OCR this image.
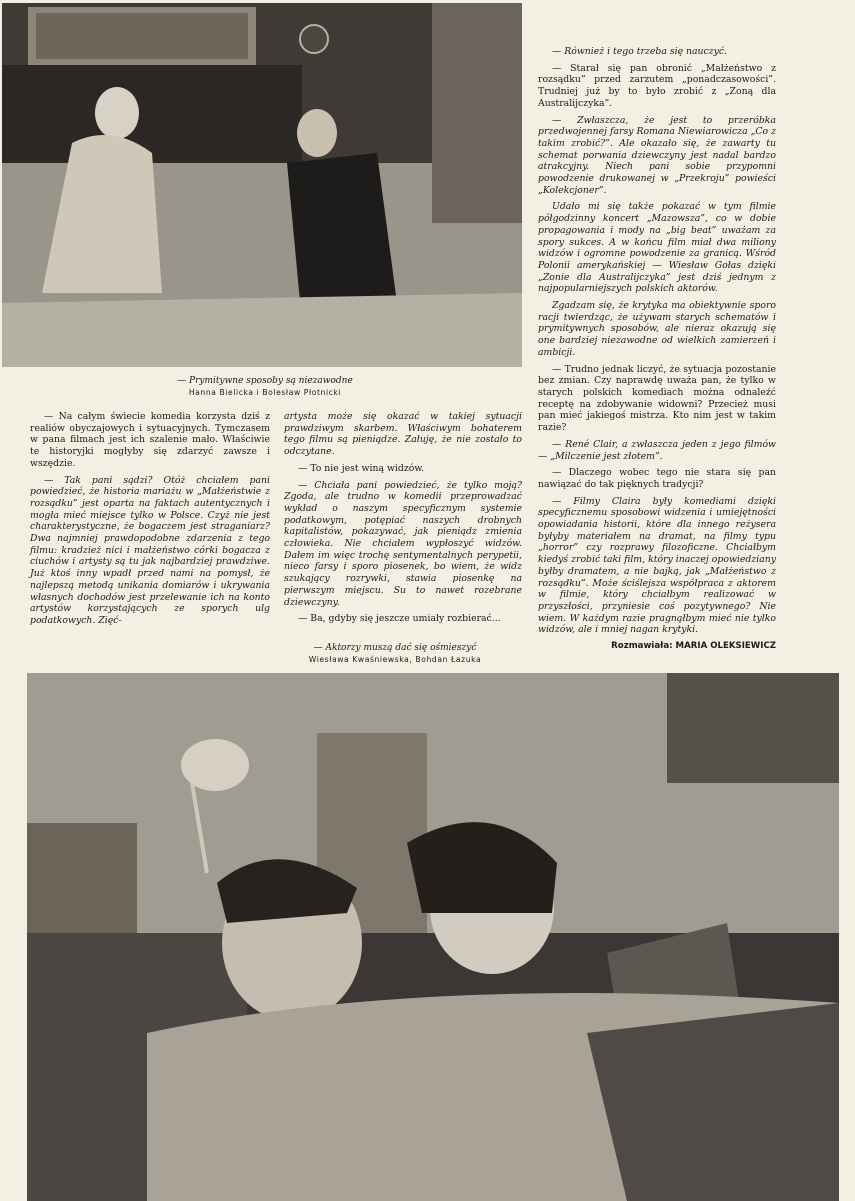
— Prymitywne sposoby są niezawodne
Hanna Bielicka i Bolesław Płotnicki

— Również i tego trzeba się nauczyć.

— Starał się pan obronić „Małżeństwo z rozsądku” przed zarzutem „ponadczasowości”. Trudniej już by to było zrobić z „Zoną dla Australijczyka”.

— Zwłaszcza, że jest to przeróbka przedwojennej farsy Romana Niewiarowicza „Co z takim zrobić?”. Ale okazało się, że zawarty tu schemat porwania dziewczyny jest nadal bardzo atrakcyjny. Niech pani sobie przypomni powodzenie drukowanej w „Przekroju” powieści „Kolekcjoner”.

Udało mi się także pokazać w tym filmie półgodzinny koncert „Mazowsza”, co w dobie propagowania i mody na „big beat” uważam za spory sukces. A w końcu film miał dwa miliony widzów i ogromne powodzenie za granicą. Wśród Polonii amerykańskiej — Wiesław Gołas dzięki „Zonie dla Australijczyka” jest dziś jednym z najpopularniejszych polskich aktorów.

Zgadzam się, że krytyka ma obiektywnie sporo racji twierdząc, że używam starych schematów i prymitywnych sposobów, ale nieraz okazują się one bardziej niezawodne od wielkich zamierzeń i ambicji.

— Trudno jednak liczyć, że sytuacja pozostanie bez zmian. Czy naprawdę uważa pan, że tylko w starych polskich komediach można odnaleźć receptę na zdobywanie widowni? Przecież musi pan mieć jakiegoś mistrza. Kto nim jest w takim razie?

— René Clair, a zwłaszcza jeden z jego filmów — „Milczenie jest złotem”.

— Dlaczego wobec tego nie stara się pan nawiązać do tak pięknych tradycji?

— Filmy Claira były komediami dzięki specyficznemu sposobowi widzenia i umiejętności opowiadania historii, które dla innego reżysera byłyby materiałem na dramat, na filmy typu „horror” czy rozprawy filozoficzne. Chciałbym kiedyś zrobić taki film, który inaczej opowiedziany byłby dramatem, a nie bajką, jak „Małżeństwo z rozsądku”. Może ściślejsza współpraca z aktorem w filmie, który chciałbym realizować w przyszłości, przyniesie coś pozytywnego? Nie wiem. W każdym razie pragnąłbym mieć nie tylko widzów, ale i mniej nagan krytyki.

Rozmawiała: MARIA OLEKSIEWICZ

— Na całym świecie komedia korzysta dziś z realiów obyczajowych i sytuacyjnych. Tymczasem w pana filmach jest ich szalenie mało. Właściwie te historyjki mogłyby się zdarzyć zawsze i wszędzie.

— Tak pani sądzi? Otóż chciałem pani powiedzieć, że historia mariażu w „Małżeństwie z rozsądku” jest oparta na faktach autentycznych i mogła mieć miejsce tylko w Polsce. Czyż nie jest charakterystyczne, że bogaczem jest straganiarz? Dwa najmniej prawdopodobne zdarzenia z tego filmu: kradzież nici i małżeństwo córki bogacza z ciuchów i artysty są tu jak najbardziej prawdziwe. Już ktoś inny wpadł przed nami na pomysł, że najlepszą metodą unikania domiarów i ukrywania własnych dochodów jest przelewanie ich na konto artystów korzystających ze sporych ulg podatkowych. Zięć-

artysta może się okazać w takiej sytuacji prawdziwym skarbem. Właściwym bohaterem tego filmu są pieniądze. Załuję, że nie zostało to odczytane.

— To nie jest winą widzów.

— Chciała pani powiedzieć, że tylko moją? Zgoda, ale trudno w komedii przeprowadzać wykład o naszym specyficznym systemie podatkowym, potępiać naszych drobnych kapitalistów, pokazywać, jak pieniądz zmienia człowieka. Nie chciałem wypłoszyć widzów. Dałem im więc trochę sentymentalnych perypetii, nieco farsy i sporo piosenek, bo wiem, że widz szukający rozrywki, stawia piosenkę na pierwszym miejscu. Su to nawet rozebrane dziewczyny.

— Ba, gdyby się jeszcze umiały rozbierać...

— Aktorzy muszą dać się ośmieszyć
Wiesława Kwaśniewska, Bohdan Łazuka
